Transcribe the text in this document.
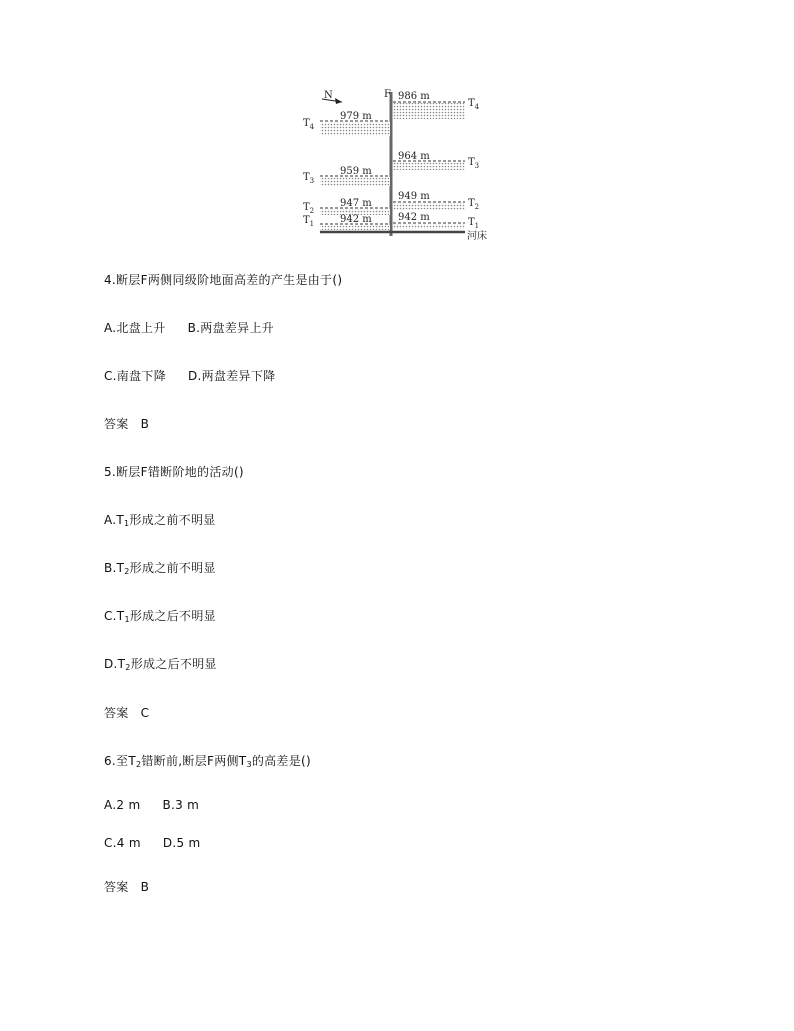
N	F
河床
979 m
$T_4$
959 m
$T_3$
947 m
$T_2$
942 m
$T_1$
986 m
$T_4$
964 m
$T_3$
949 m
$T_2$
942 m	$T_1$
4.断层F两侧同级阶地面高差的产生是由于()
A.北盘上升 B.两盘差异上升
C.南盘下降 D.两盘差异下降
答案 B
5.断层F错断阶地的活动()
$A.T_1$形成之前不明显
$B.T_2$形成之前不明显
$C.T_1$形成之后不明显
$D.T_2$形成之后不明显
答案 C
6.至$T_2$错断前,断层F两侧$T_3$的高差是()
A.2 m B.3 m
C.4 m D.5 m
答案 B
